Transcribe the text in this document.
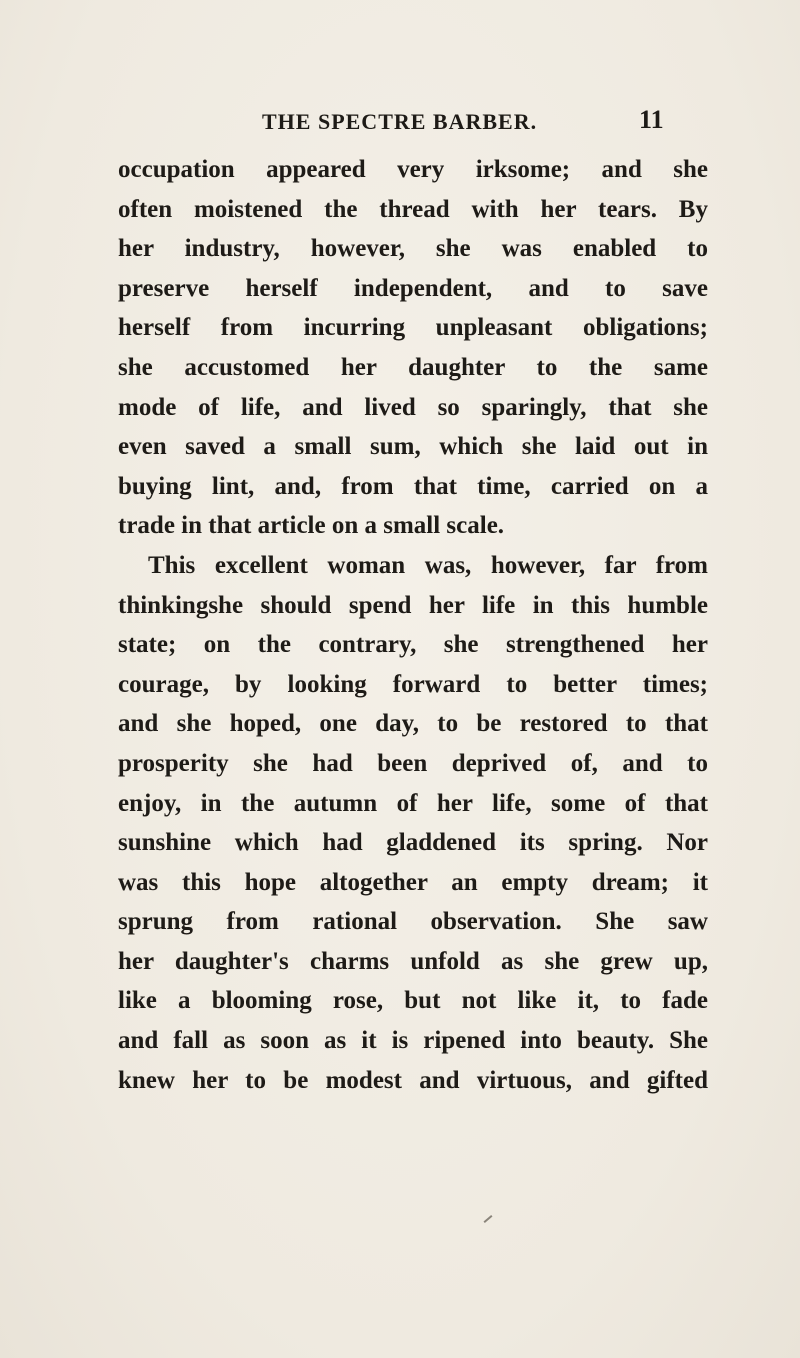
THE SPECTRE BARBER.	11
occupation appeared very irksome; and she
often moistened the thread with her tears. By
her industry, however, she was enabled to
preserve herself independent, and to save
herself from incurring unpleasant obligations;
she accustomed her daughter to the same
mode of life, and lived so sparingly, that she
even saved a small sum, which she laid out in
buying lint, and, from that time, carried on a
trade in that article on a small scale.
This excellent woman was, however, far from
thinkingshe should spend her life in this humble
state; on the contrary, she strengthened her
courage, by looking forward to better times;
and she hoped, one day, to be restored to that
prosperity she had been deprived of, and to
enjoy, in the autumn of her life, some of that
sunshine which had gladdened its spring. Nor
was this hope altogether an empty dream; it
sprung from rational observation. She saw
her daughter's charms unfold as she grew up,
like a blooming rose, but not like it, to fade
and fall as soon as it is ripened into beauty. She
knew her to be modest and virtuous, and gifted
